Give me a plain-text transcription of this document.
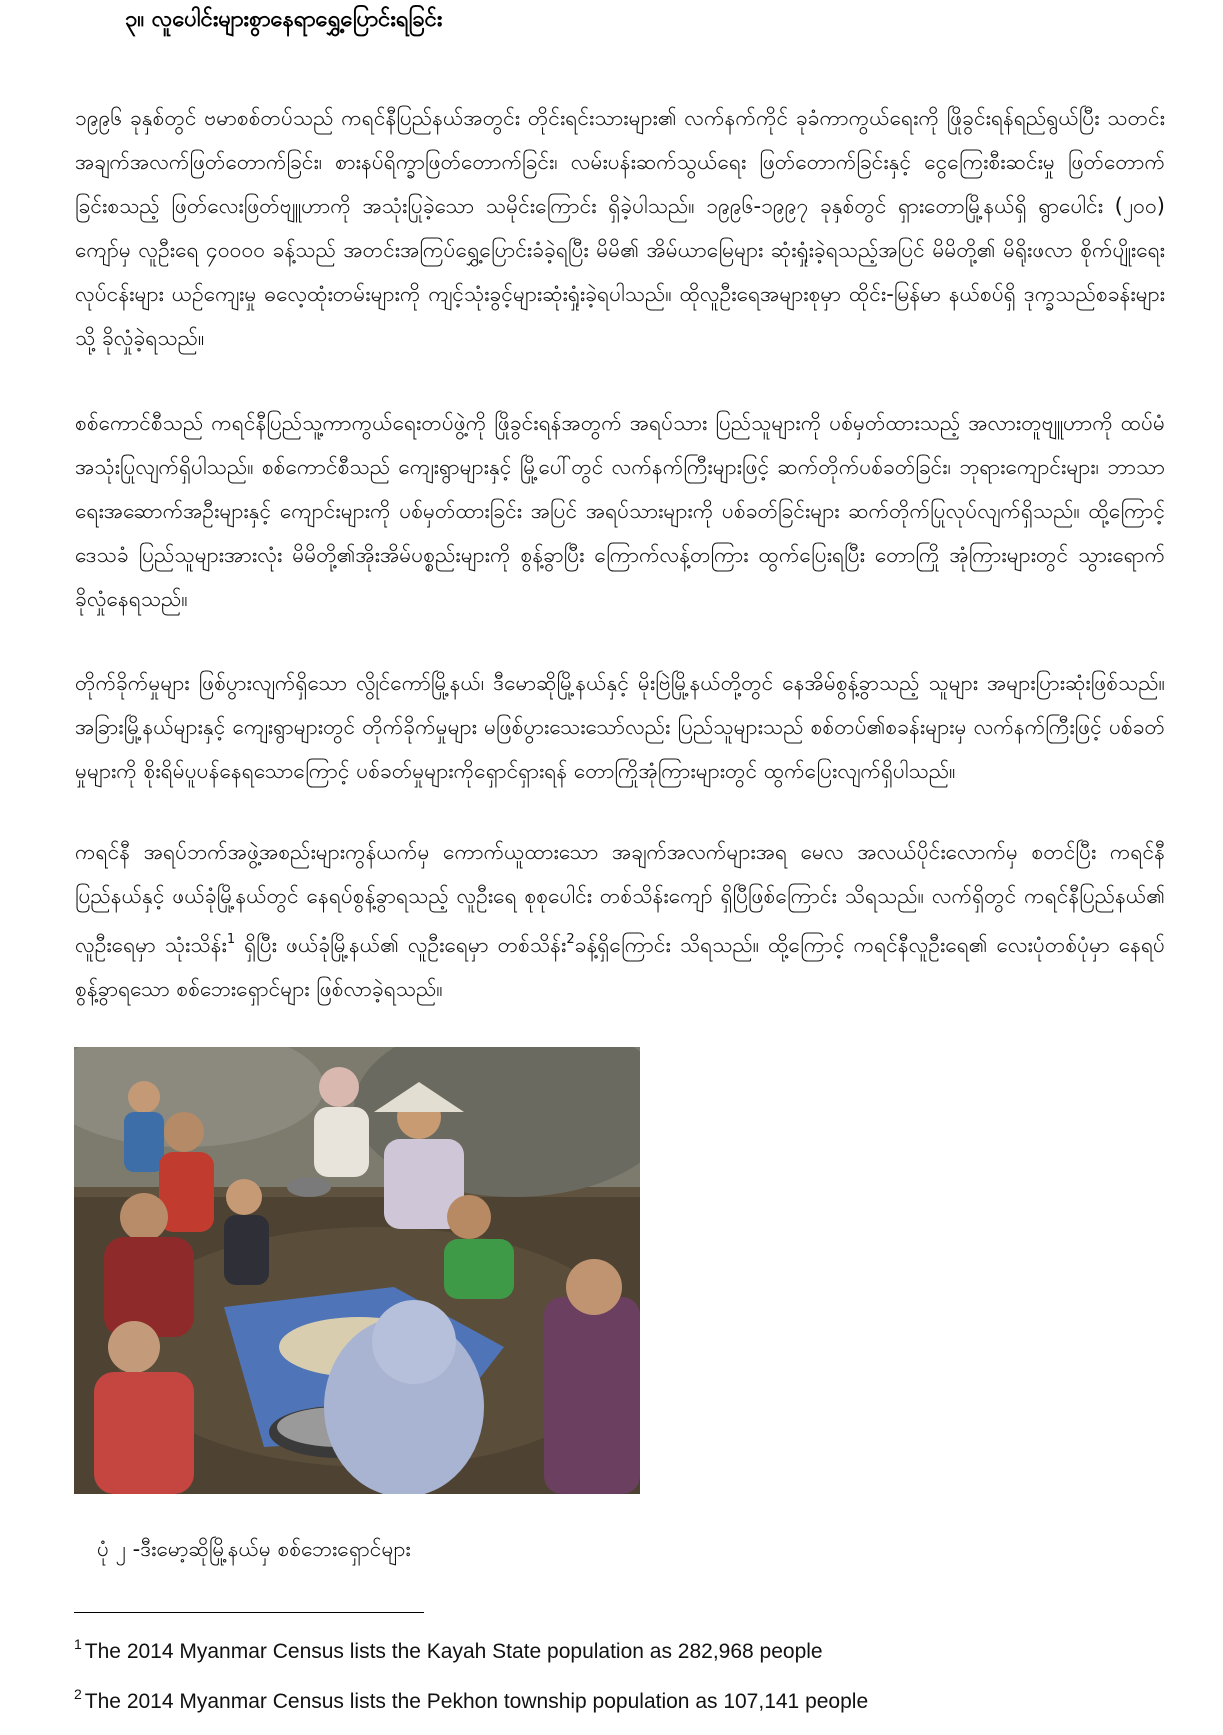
၃။ လူပေါင်းများစွာနေရာရွှေ့ပြောင်းရခြင်း

၁၉၉၆ ခုနှစ်တွင် ဗမာစစ်တပ်သည် ကရင်နီပြည်နယ်အတွင်း တိုင်းရင်းသားများ၏ လက်နက်ကိုင် ခုခံကာကွယ်ရေးကို ဖြိုခွင်းရန်ရည်ရွယ်ပြီး သတင်းအချက်အလက်ဖြတ်တောက်ခြင်း၊ စားနပ်ရိက္ခာဖြတ်တောက်ခြင်း၊ လမ်းပန်းဆက်သွယ်ရေး ဖြတ်တောက်ခြင်းနှင့် ငွေကြေးစီးဆင်းမှု ဖြတ်တောက်ခြင်းစသည့် ဖြတ်လေးဖြတ်ဗျူဟာကို အသုံးပြုခဲ့သော သမိုင်းကြောင်း ရှိခဲ့ပါသည်။ ၁၉၉၆-၁၉၉၇ ခုနှစ်တွင် ရှားတောမြို့နယ်ရှိ ရွာပေါင်း (၂၀၀) ကျော်မှ လူဦးရေ ၄၀၀၀၀ ခန့်သည် အတင်းအကြပ်ရွှေ့ပြောင်းခံခဲ့ရပြီး မိမိ၏ အိမ်ယာမြေများ ဆုံးရှုံးခဲ့ရသည့်အပြင် မိမိတို့၏ မိရိုးဖလာ စိုက်ပျိုးရေးလုပ်ငန်းများ ယဉ်ကျေးမှု ဓလေ့ထုံးတမ်းများကို ကျင့်သုံးခွင့်များဆုံးရှုံးခဲ့ရပါသည်။ ထိုလူဦးရေအများစုမှာ ထိုင်း-မြန်မာ နယ်စပ်ရှိ ဒုက္ခသည်စခန်းများသို့ ခိုလှုံခဲ့ရသည်။

စစ်ကောင်စီသည် ကရင်နီပြည်သူ့ကာကွယ်ရေးတပ်ဖွဲ့ကို ဖြိုခွင်းရန်အတွက် အရပ်သား ပြည်သူများကို ပစ်မှတ်ထားသည့် အလားတူဗျူဟာကို ထပ်မံအသုံးပြုလျက်ရှိပါသည်။ စစ်ကောင်စီသည် ကျေးရွာများနှင့် မြို့ပေါ်တွင် လက်နက်ကြီးများဖြင့် ဆက်တိုက်ပစ်ခတ်ခြင်း၊ ဘုရားကျောင်းများ၊ ဘာသာရေးအဆောက်အဦးများနှင့် ကျောင်းများကို ပစ်မှတ်ထားခြင်း အပြင် အရပ်သားများကို ပစ်ခတ်ခြင်းများ ဆက်တိုက်ပြုလုပ်လျက်ရှိသည်။ ထို့ကြောင့် ဒေသခံ ပြည်သူများအားလုံး မိမိတို့၏အိုးအိမ်ပစ္စည်းများကို စွန့်ခွာပြီး ကြောက်လန့်တကြား ထွက်ပြေးရပြီး တောကြို အုံကြားများတွင် သွားရောက် ခိုလှုံနေရသည်။

တိုက်ခိုက်မှုများ ဖြစ်ပွားလျက်ရှိသော လွိုင်ကော်မြို့နယ်၊ ဒီမောဆိုမြို့နယ်နှင့် မိုးဗြဲမြို့နယ်တို့တွင် နေအိမ်စွန့်ခွာသည့် သူများ အများပြားဆုံးဖြစ်သည်။ အခြားမြို့နယ်များနှင့် ကျေးရွာများတွင် တိုက်ခိုက်မှုများ မဖြစ်ပွားသေးသော်လည်း ပြည်သူများသည် စစ်တပ်၏စခန်းများမှ လက်နက်ကြီးဖြင့် ပစ်ခတ်မှုများကို စိုးရိမ်ပူပန်နေရသောကြောင့် ပစ်ခတ်မှုများကိုရှောင်ရှားရန် တောကြိုအုံကြားများတွင် ထွက်ပြေးလျက်ရှိပါသည်။

ကရင်နီ အရပ်ဘက်အဖွဲ့အစည်းများကွန်ယက်မှ ကောက်ယူထားသော အချက်အလက်များအရ မေလ အလယ်ပိုင်းလောက်မှ စတင်ပြီး ကရင်နီပြည်နယ်နှင့် ဖယ်ခုံမြို့နယ်တွင် နေရပ်စွန့်ခွာရသည့် လူဦးရေ စုစုပေါင်း တစ်သိန်းကျော် ရှိပြီဖြစ်ကြောင်း သိရသည်။ လက်ရှိတွင် ကရင်နီပြည်နယ်၏ လူဦးရေမှာ သုံးသိန်း$^1$ ရှိပြီး ဖယ်ခုံမြို့နယ်၏ လူဦးရေမှာ တစ်သိန်း$^2$ခန့်ရှိကြောင်း သိရသည်။ ထို့ကြောင့် ကရင်နီလူဦးရေ၏ လေးပုံတစ်ပုံမှာ နေရပ်စွန့်ခွာရသော စစ်ဘေးရှောင်များ ဖြစ်လာခဲ့ရသည်။

ပုံ ၂ -ဒီးမော့ဆိုမြို့နယ်မှ စစ်ဘေးရှောင်များ
$^1$ The 2014 Myanmar Census lists the Kayah State population as 282,968 people
$^2$ The 2014 Myanmar Census lists the Pekhon township population as 107,141 people
